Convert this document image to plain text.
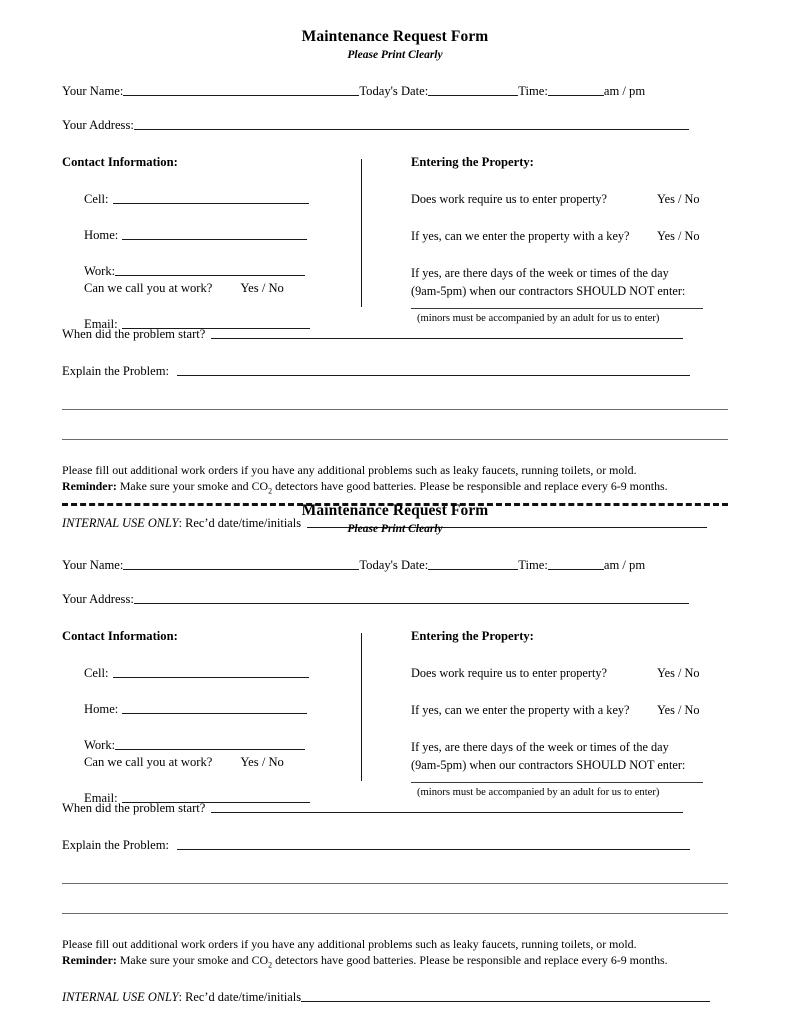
Maintenance Request Form
Please Print Clearly
Your Name:	Today's Date:	Time:	am / pm
Your Address:
Contact Information:
Cell:
Home:
Work:
Can we call you at work? Yes / No
Email:
Entering the Property:
Does work require us to enter property?	Yes / No
If yes, can we enter the property with a key? Yes / No
If yes, are there days of the week or times of the day
(9am-5pm) when our contractors SHOULD NOT enter:
(minors must be accompanied by an adult for us to enter)
When did the problem start?
Explain the Problem:
Please fill out additional work orders if you have any additional problems such as leaky faucets, running toilets, or mold.
Reminder: Make sure your smoke and $CO_2$ detectors have good batteries. Please be responsible and replace every 6-9 months.
INTERNAL USE ONLY: Rec’d date/time/initials
Maintenance Request Form
Please Print Clearly
Your Name:	Today's Date:	Time:	am / pm
Your Address:
Contact Information:
Cell:
Home:
Work:
Can we call you at work? Yes / No
Email:
Entering the Property:
Does work require us to enter property?	Yes / No
If yes, can we enter the property with a key? Yes / No
If yes, are there days of the week or times of the day
(9am-5pm) when our contractors SHOULD NOT enter:
(minors must be accompanied by an adult for us to enter)
When did the problem start?
Explain the Problem:
Please fill out additional work orders if you have any additional problems such as leaky faucets, running toilets, or mold.
Reminder: Make sure your smoke and $CO_2$ detectors have good batteries. Please be responsible and replace every 6-9 months.
INTERNAL USE ONLY: Rec’d date/time/initials
